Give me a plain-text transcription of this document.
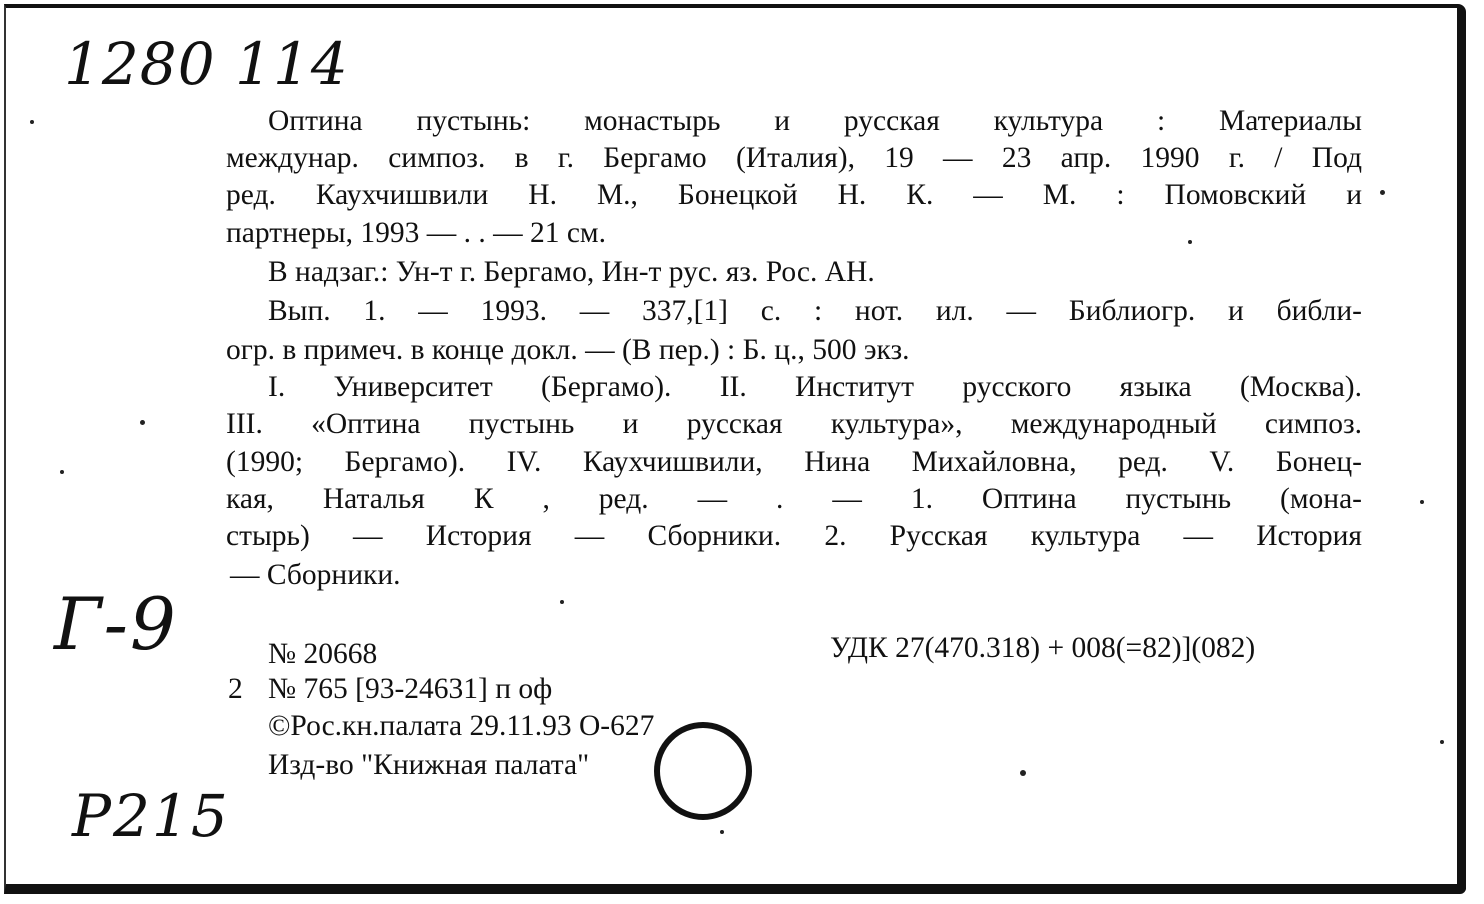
1280 114
Г-9
P215
Оптина пустынь: монастырь и русская культура : Материалы
междунар. симпоз. в г. Бергамо (Италия), 19 — 23 апр. 1990 г. / Под
ред. Каухчишвили Н. М., Бонецкой Н. К. — М. : Помовский и
партнеры, 1993 — . . — 21 см.
В надзаг.: Ун-т г. Бергамо, Ин-т рус. яз. Рос. АН.
Вып. 1. — 1993. — 337,[1] с. : нот. ил. — Библиогр. и библи-
огр. в примеч. в конце докл. — (В пер.) : Б. ц., 500 экз.
I. Университет (Бергамо). II. Институт русского языка (Москва).
III. «Оптина пустынь и русская культура», международный симпоз.
(1990; Бергамо). IV. Каухчишвили, Нина Михайловна, ред. V. Бонец-
кая, Наталья К , ред. — . — 1. Оптина пустынь (мона-
стырь) — История — Сборники. 2. Русская культура — История
— Сборники.
№ 20668	УДК 27(470.318) + 008(=82)](082)
2 № 765 [93-24631] п оф
©Рос.кн.палата 29.11.93 О-627
Изд-во "Книжная палата"
